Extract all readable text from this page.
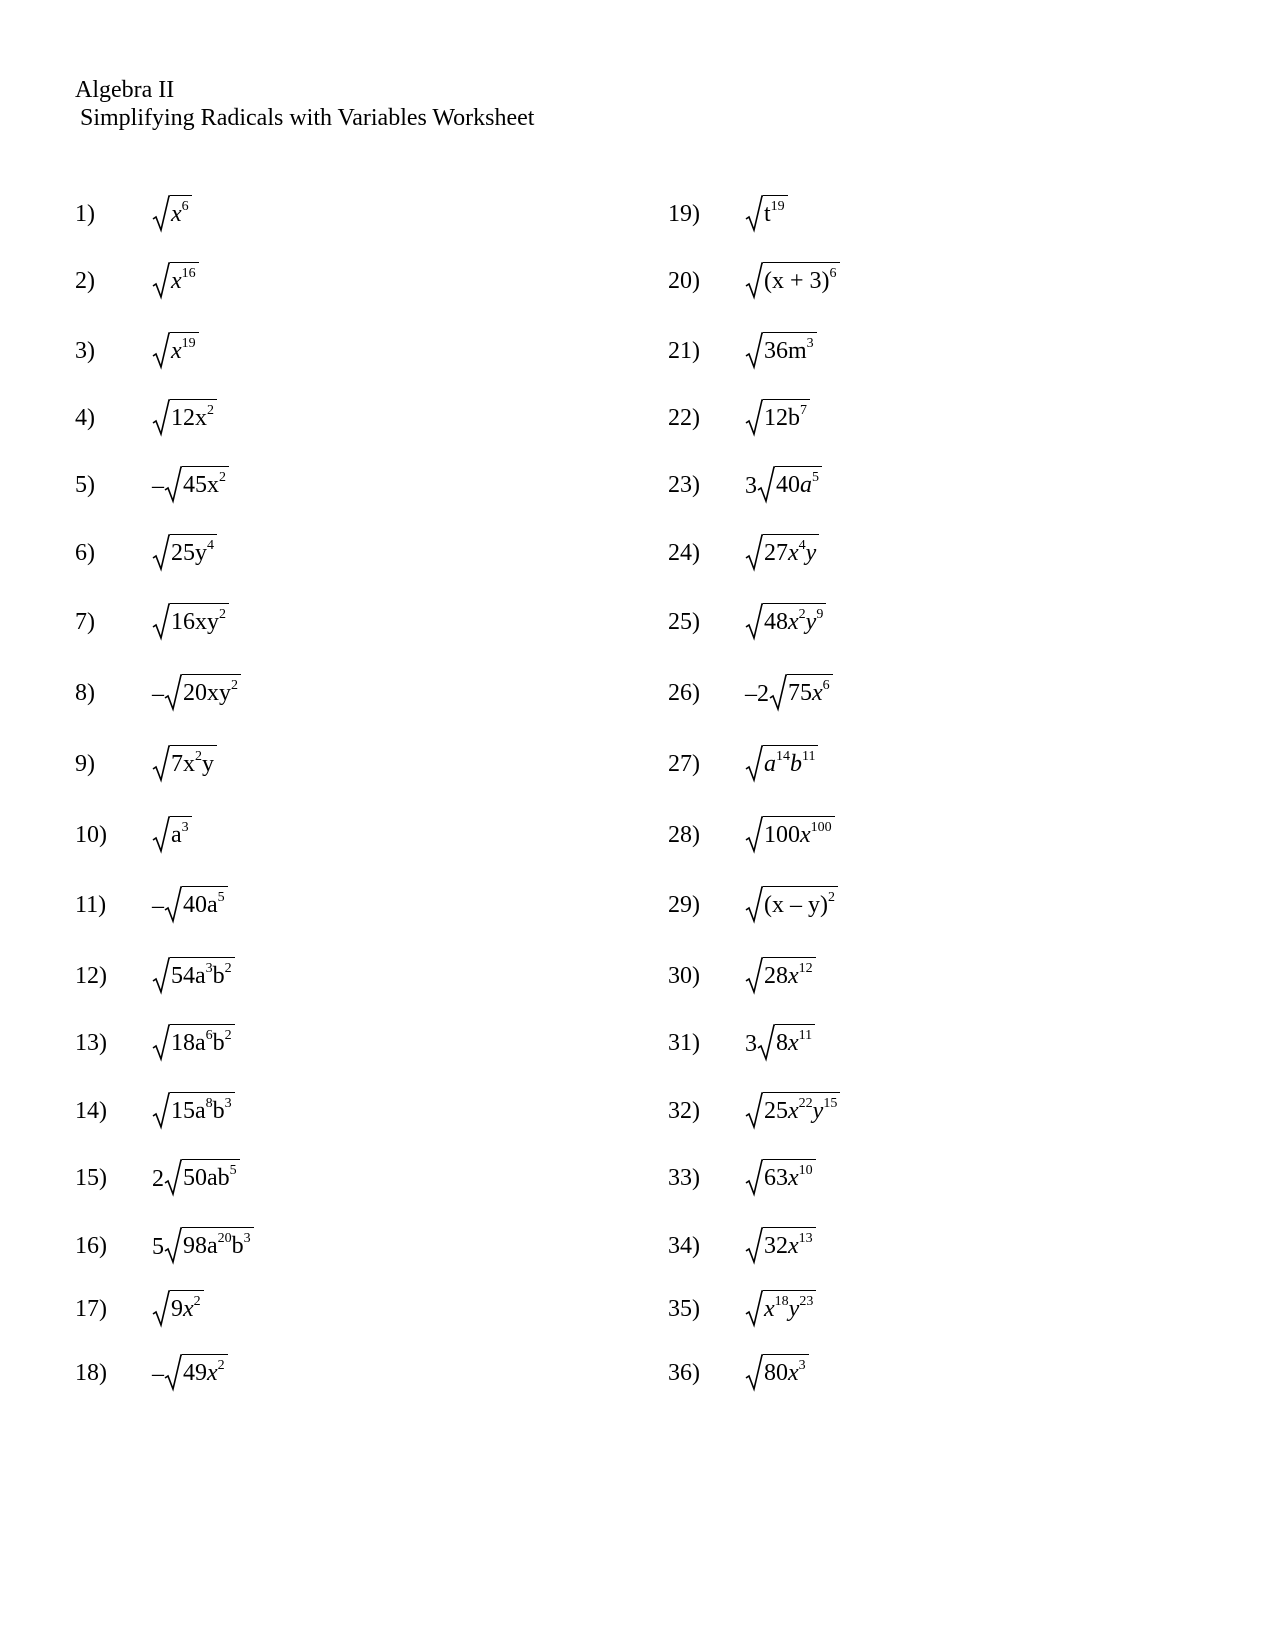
Algebra II
Simplifying Radicals with Variables Worksheet
1)	$x^6$
2)	$x^{16}$
3)	$x^{19}$
4)	$12x^2$
$5) - 45x^2$
6)	$25y^4$
7)	$16xy^2$
$8) - 20xy^2$
9)	$7x^2y$
10)	$a^3$
$11) - 40a^5$
12)	$54a^3b^2$
13)	$18a^6b^2$
14)	$15a^8b^3$
15) 2 $50ab^5$
16) 5 $98a^{20}b^3$
17)	$9x^2$
$18) - 49x^2$
19)	$t^{19}$
20)	$(x + 3)^6$
21)	$36m^3$
22)	$12b^7$
23) 3 $40a^5$
24)	$27x^4y$
25)	$48x^2y^9$
26) –2 $75x^6$
27)	$a^{14}b^{11}$
28)	$100x^{100}$
29)	(x – y)$^2$
30)	$28x^{12}$
31) 3 $8x^{11}$
32)	$25x^{22}y^{15}$
33)	$63x^{10}$
34)	$32x^{13}$
35)	$x^{18}y^{23}$
36)	$80x^3$
